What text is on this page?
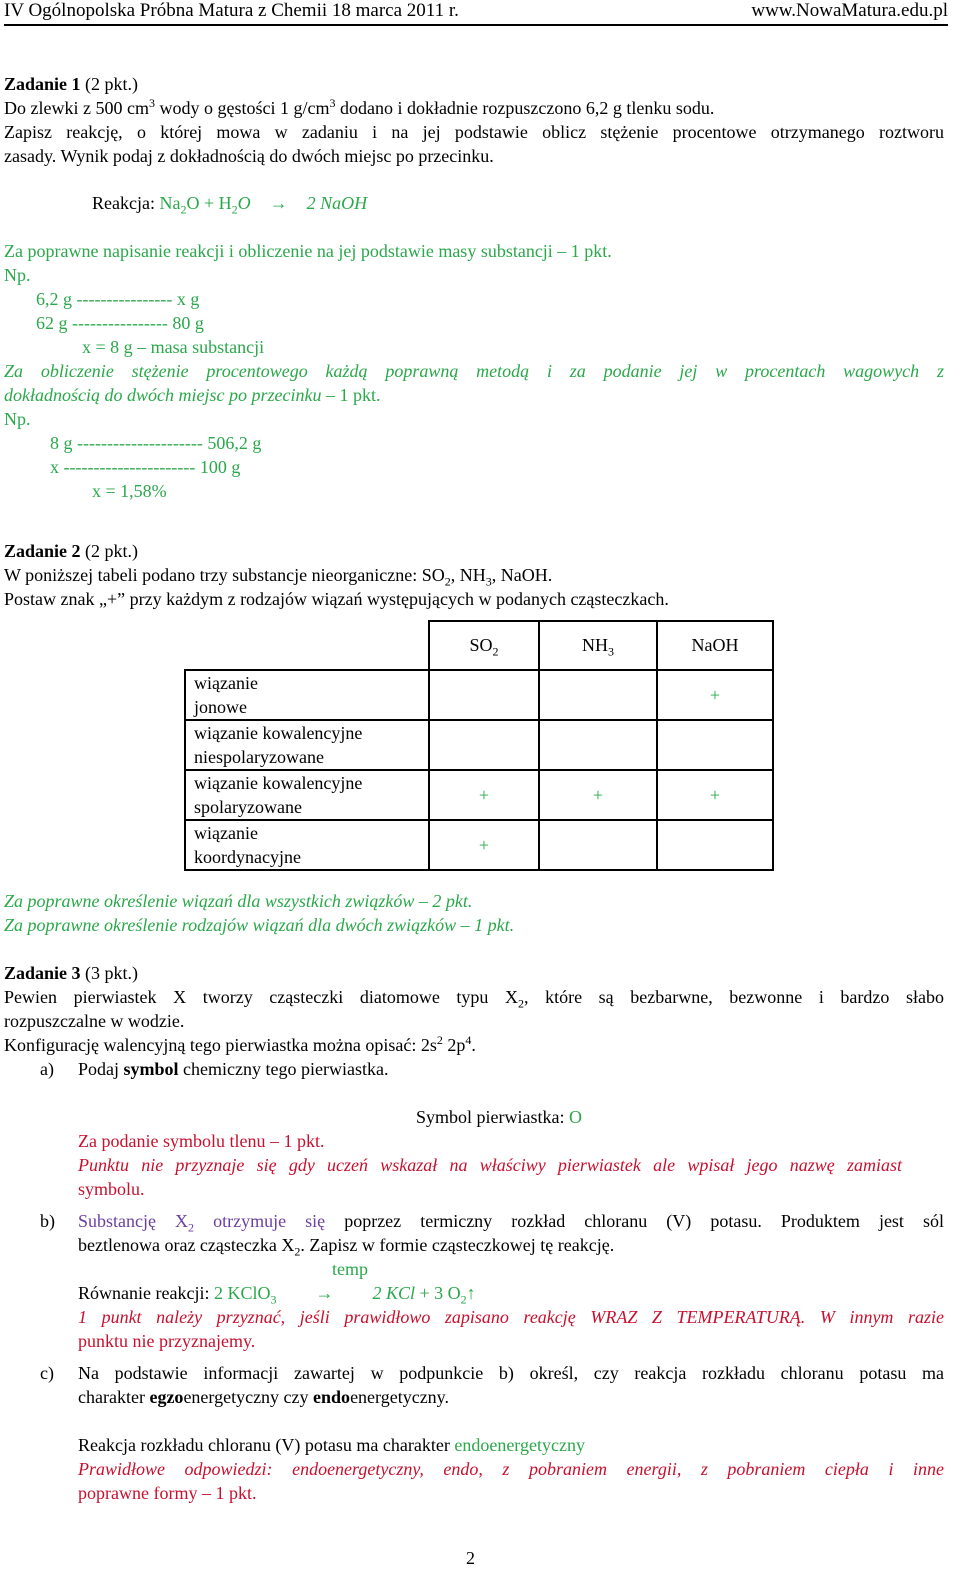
IV Ogólnopolska Próbna Matura z Chemii 18 marca 2011 r.	www.NowaMatura.edu.pl
Zadanie 1 (2 pkt.)
Do zlewki z 500 $cm^3$ wody o gęstości 1 $g/cm^3$ dodano i dokładnie rozpuszczono 6,2 g tlenku sodu.
Zapisz reakcję, o której mowa w zadaniu i na jej podstawie oblicz stężenie procentowe otrzymanego roztworu
zasady. Wynik podaj z dokładnością do dwóch miejsc po przecinku.
Reakcja: $Na_2O + H_2O \to 2$ NaOH
Za poprawne napisanie reakcji i obliczenie na jej podstawie masy substancji – 1 pkt.
Np.
6,2 g ---------------- x g
62 g ---------------- 80 g
x = 8 g – masa substancji
Za obliczenie stężenie procentowego każdą poprawną metodą i za podanie jej w procentach wagowych z
dokładnością do dwóch miejsc po przecinku – 1 pkt.
Np.
8 g --------------------- 506,2 g
x ---------------------- 100 g
x = 1,58%
Zadanie 2 (2 pkt.)
W poniższej tabeli podano trzy substancje nieorganiczne: $SO_2$, $NH_3$, NaOH.
Postaw znak „+” przy każdym z rodzajów wiązań występujących w podanych cząsteczkach.
	$SO_2$	$NH_3$	NaOH
wiązanie
jonowe			+
wiązanie kowalencyjne
niespolaryzowane			
wiązanie kowalencyjne
spolaryzowane	+	+	+
wiązanie
koordynacyjne	+		
Za poprawne określenie wiązań dla wszystkich związków – 2 pkt.
Za poprawne określenie rodzajów wiązań dla dwóch związków – 1 pkt.
Zadanie 3 (3 pkt.)
Pewien pierwiastek X tworzy cząsteczki diatomowe typu $X_2$, które są bezbarwne, bezwonne i bardzo słabo
rozpuszczalne w wodzie.
Konfigurację walencyjną tego pierwiastka można opisać: $2s^2$ $2p^4$.
a) Podaj symbol chemiczny tego pierwiastka.
Symbol pierwiastka: O
Za podanie symbolu tlenu – 1 pkt.
Punktu nie przyznaje się gdy uczeń wskazał na właściwy pierwiastek ale wpisał jego nazwę zamiast
symbolu.
b) Substancję $X_2$ otrzymuje się poprzez termiczny rozkład chloranu (V) potasu. Produktem jest sól
beztlenowa oraz cząsteczka $X_2$. Zapisz w formie cząsteczkowej tę reakcję.
temp
Równanie reakcji: 2 KClO$_3$ → 2 KCl + 3 $O_2↑$
1 punkt należy przyznać, jeśli prawidłowo zapisano reakcję WRAZ Z TEMPERATURĄ. W innym razie
punktu nie przyznajemy.
c) Na podstawie informacji zawartej w podpunkcie b) określ, czy reakcja rozkładu chloranu potasu ma
charakter egzoenergetyczny czy endoenergetyczny.
Reakcja rozkładu chloranu (V) potasu ma charakter endoenergetyczny
Prawidłowe odpowiedzi: endoenergetyczny, endo, z pobraniem energii, z pobraniem ciepła i inne
poprawne formy – 1 pkt.
2
